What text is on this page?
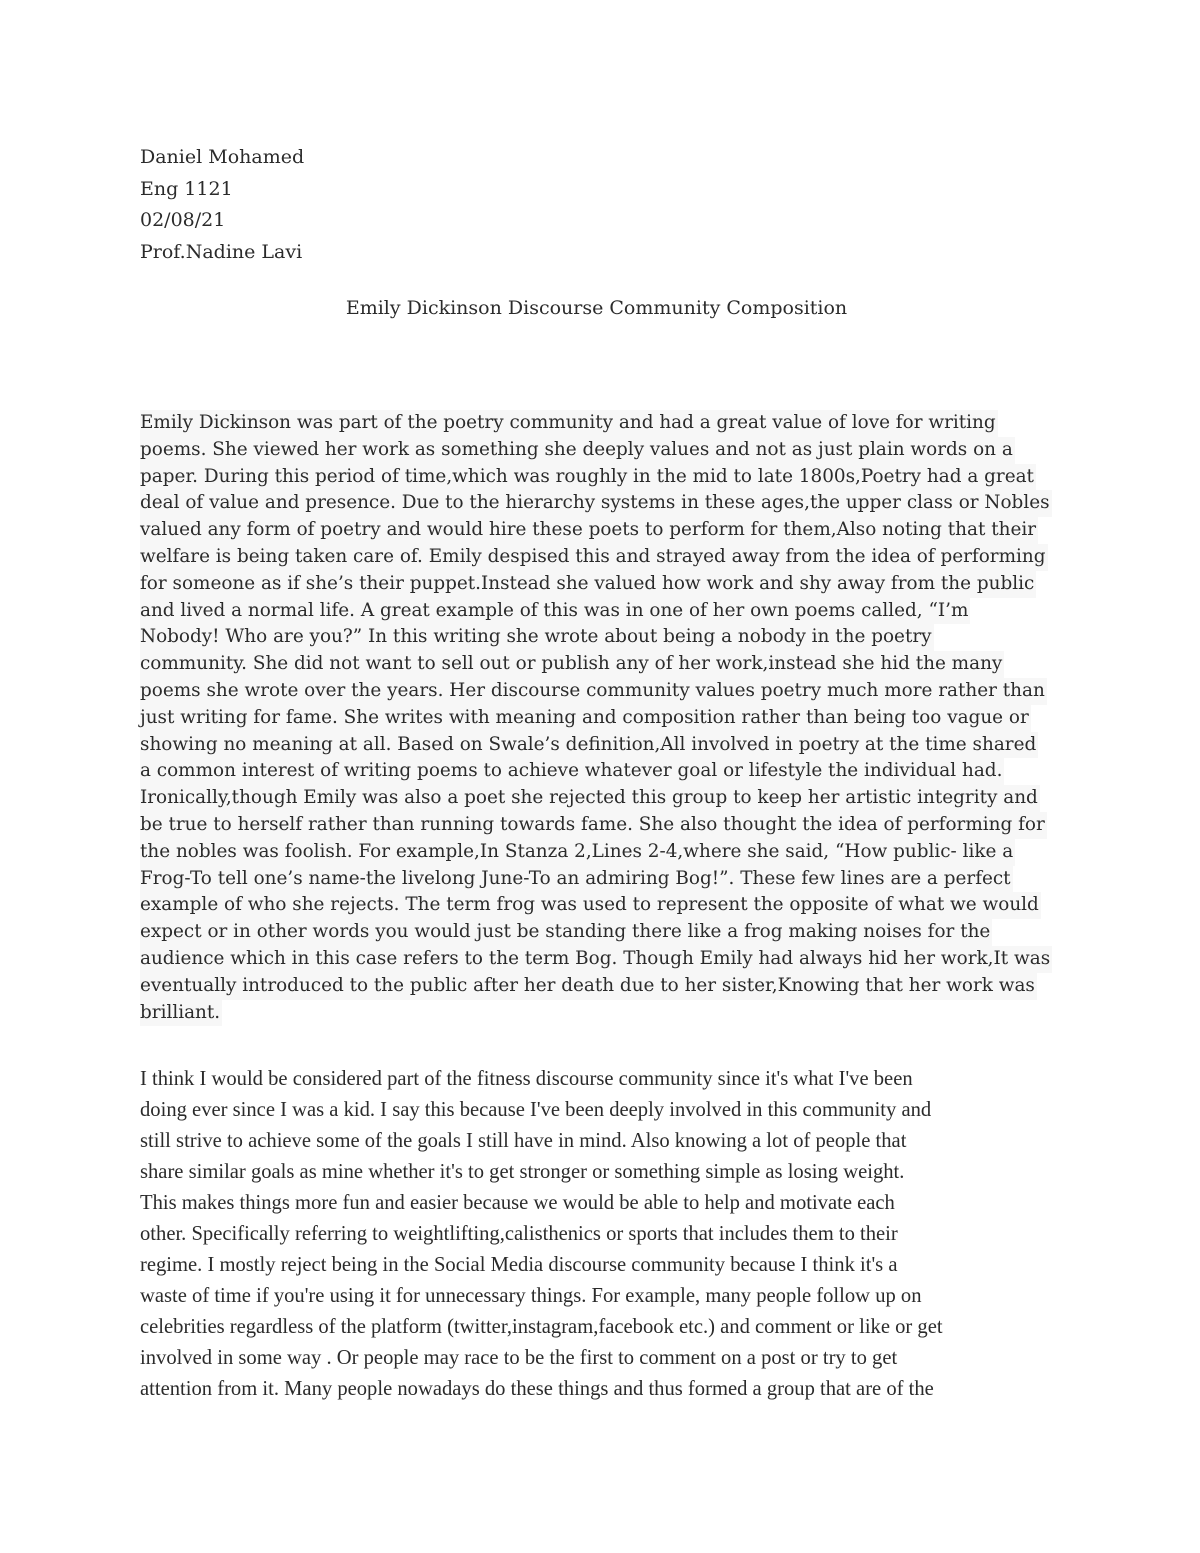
Daniel Mohamed
Eng 1121
02/08/21
Prof.Nadine Lavi
Emily Dickinson Discourse Community Composition
Emily Dickinson was part of the poetry community and had a great value of love for writing
poems. She viewed her work as something she deeply values and not as just plain words on a
paper. During this period of time,which was roughly in the mid to late 1800s,Poetry had a great
deal of value and presence. Due to the hierarchy systems in these ages,the upper class or Nobles
valued any form of poetry and would hire these poets to perform for them,Also noting that their
welfare is being taken care of. Emily despised this and strayed away from the idea of performing
for someone as if she’s their puppet.Instead she valued how work and shy away from the public
and lived a normal life. A great example of this was in one of her own poems called, “I’m
Nobody! Who are you?” In this writing she wrote about being a nobody in the poetry
community. She did not want to sell out or publish any of her work,instead she hid the many
poems she wrote over the years. Her discourse community values poetry much more rather than
just writing for fame. She writes with meaning and composition rather than being too vague or
showing no meaning at all. Based on Swale’s definition,All involved in poetry at the time shared
a common interest of writing poems to achieve whatever goal or lifestyle the individual had.
Ironically,though Emily was also a poet she rejected this group to keep her artistic integrity and
be true to herself rather than running towards fame. She also thought the idea of performing for
the nobles was foolish. For example,In Stanza 2,Lines 2-4,where she said, “How public- like a
Frog-To tell one’s name-the livelong June-To an admiring Bog!”. These few lines are a perfect
example of who she rejects. The term frog was used to represent the opposite of what we would
expect or in other words you would just be standing there like a frog making noises for the
audience which in this case refers to the term Bog. Though Emily had always hid her work,It was
eventually introduced to the public after her death due to her sister,Knowing that her work was
brilliant.
I think I would be considered part of the fitness discourse community since it's what I've been
doing ever since I was a kid. I say this because I've been deeply involved in this community and
still strive to achieve some of the goals I still have in mind. Also knowing a lot of people that
share similar goals as mine whether it's to get stronger or something simple as losing weight.
This makes things more fun and easier because we would be able to help and motivate each
other. Specifically referring to weightlifting,calisthenics or sports that includes them to their
regime. I mostly reject being in the Social Media discourse community because I think it's a
waste of time if you're using it for unnecessary things. For example, many people follow up on
celebrities regardless of the platform (twitter,instagram,facebook etc.) and comment or like or get
involved in some way . Or people may race to be the first to comment on a post or try to get
attention from it. Many people nowadays do these things and thus formed a group that are of the
